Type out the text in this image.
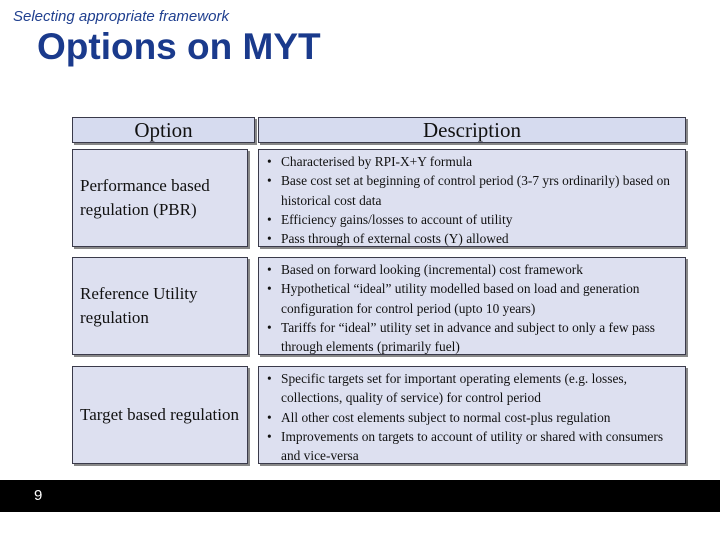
Selecting appropriate framework
Options on MYT
Option	Description
Performance based regulation (PBR)
• Characterised by RPI-X+Y formula
• Base cost set at beginning of control period (3-7 yrs ordinarily) based on historical cost data
• Efficiency gains/losses to account of utility
• Pass through of external costs (Y) allowed
Reference Utility regulation
• Based on forward looking (incremental) cost framework
• Hypothetical “ideal” utility modelled based on load and generation configuration for control period (upto 10 years)
• Tariffs for “ideal” utility set in advance and subject to only a few pass through elements (primarily fuel)
Target based regulation
• Specific targets set for important operating elements (e.g. losses, collections, quality of service) for control period
• All other cost elements subject to normal cost-plus regulation
• Improvements on targets to account of utility or shared with consumers and vice-versa
9
